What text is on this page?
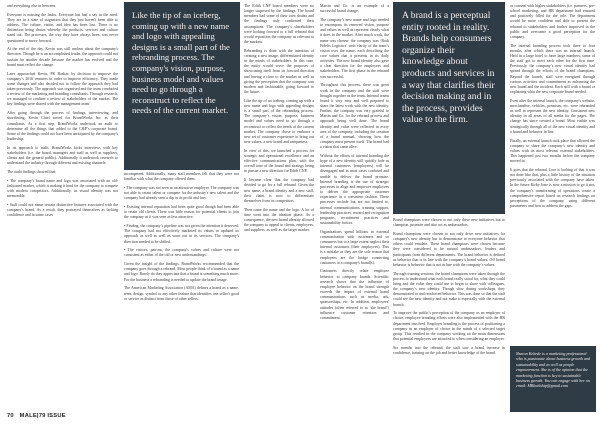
and everything else in between.

Everyone is missing the faults. Everyone has had a say in the need. They are in a state of stagnation that they just haven't been able to address. The culture, vision, and idea has been lost. There is no distinction being drawn whereby the products, services and culture stand out. The processes, the way they have always been, was never questioned to move forward.

At the end of the day, Kevin was still unclear about the company's direction. Though he is an accomplished leader, the approach could not sustain for another decade because the market has evolved and the brand must reflect the change.

Later approached Kevin, PK Bashar, by decision to improve the company’s 2016 ventures in order to improve efficiency. They made some changes and also decided not to follow the approach they had taken previously. The approach was organised and the team conducted a review of the marketing and branding consultants. Through research, we managed to confirm a review of stakeholders of the market. The key findings were shared with the management team.

After going through the process of findings, interviewing, and shortlisting, Kevin Chief sorted for BrandWorks Inc. as their consultants. As a first step, BrandWorks undertook an audit to determine all the things that added to the C&P’s corporate brand. Some of the findings could not have been anticipated by the company's leadership.

In its approach to audit, BrandWorks kicks interviews with key stakeholders (i.e. the board, managers and staff as well as suppliers, clients and the general public). Additionally it undertook research to understand the industry through different and existing channels.

The audit findings showed that:

• The company's brand name and logo was associated with an old-fashioned market, which is making it hard for the company to compete with modern competitors. Additionally, its visual identity was not memorable.

• Staff could not name certain distinctive features associated with the company's brand. As a result, they portrayed themselves as lacking confidence and in some cases

Like the tip of an iceberg, coming up with a new name and logo with appealing designs is a small part of the rebranding process. The company's vision, purpose, business model and values need to go through a reconstruct to reflect the needs of the current market.

incompetent. Additionally, many staff members felt that they were not familiar with what the company offered them.

• The company was not seen as an attractive employer. The company was not able to retain talent or compete for the industry's new talent and the company had already seen a dip in its profit and loss.

• Existing internal reputation had been quite good though had been able to retain old clients. There was little reason for potential clients to join the company as it was seen as less attractive.

• Finding, the company’s pipeline was not given the attention it deserved. The company had not effectively marketed its values or updated its approach as well as well as worn out in its services. The company's direction needed to be shifted.

• The visitors, patrons, the company's values and culture were not consistent as either of the old or new understandings.

Given the insight of the findings, BrandWorks recommended that the company goes through a rebrand. Most people think of a brand as a name and logo. Rarely do they appreciate that a brand is something much more. For the business a rebranding is needed to update the brand image.

The American Marketing Association (AMA) defines a brand as a name, term, design, symbol or any other feature that identifies one seller's good or service as distinct from those of other sellers.

The Edith CNP board members were no longer surprised by the findings. The board members had some of their own doubts and the findings only confirmed their assumptions. The company’s shareholders were looking forward to a full rebrand that would reposition the company as relevant to the markets.

Rebranding is done with the intention of creating a new image, differentiated identity in the minds of stakeholders. In this case, the entity would serve the purposes of showcasing itself from its forward direction and having a close to the market as well as giving the perception that the company was modern and fashionable, going forward to the future.

Like the tip of an iceberg, coming up with a new name and logo with appealing designs is a small part of the rebranding process. The company’s vision, purpose, business model and values need to go through a reconstruct to reflect the needs of the current market. The company chose to embrace a new set of customer experience to bring out new values, a new brand and uniqueness.

In view of this, we launched a process for strategic and operational excellence and an effective communications plan, with the overall tone of the brand and strategy being to pursue a new direction for Edith CNP.

It became clear that the company had decided to go for a full rebrand. Given the new name, a brand identity and a new staff, their claim is now to differentiate themselves from its competitors.

Then came the name and the logo. A lot of time went into the ideation phase. As a consequence, the new brand identity allowed the company to appeal to clients, employees, and suppliers, as well as the target market.

Martin and Co. is an example of a successful brand change.

The company’s new name and logo needed to encompass its renewed vision, purpose and values as well as represent clearly what it does in the market. After much work, the name was chosen: the company was ‘Rodi Fidelis Logistics’ with clarity of the team’s vision over the name, each describing the core values that it presents in its daily activities. The new brand identity also gave a clear direction for the employees and stakeholders. The first phase in the rebrand was successful.

Throughout this process, there was great work in the company and the staff were brought together as the team. Internal teams found it very easy and well prepared to share the latest work with the new identity. Further, the company was very grateful to Martin and Co. for the rebrand process and approach being well done. The brand identity and value were reflected in every area of the company, including the creation of a brand manual, showing how the company must present itself. The brand had a vision that came alive.

Without the efforts of internal branding the hype of a new identity will quickly fade as internal customers (employees) will be disengaged and in most cases confused and unable to deliver the brand promise. Internal branding is the use of strategic processes to align and empower employees to deliver the appropriate customer experience in a consistent fashion. These processes include but are not limited to, internal communications, training support, leadership practices, reward and recognition programs, recruitment practices and sustainability factors.

Organizations spend billions in external communication with customers and so consumers but to a large extent neglect their internal customers (their employees). This is a mistake as they are the sole reason that employees are the bridge connecting customers to a company's brand(s).

Customers directly relate employee behavior to company brands. Scientific research shows that the influence of employee behavior on the brand strength exceeds the impact of external brand communications such as media, ads, sponsorships, etc. In addition, employees' attitudes (often referred to as ‘the brand’) influence customer retention and commitment.

A brand is a perceptual entity rooted in reality. Brands help consumers organize their knowledge about products and services in a way that clarifies their decision making and in the process, provides value to the firm.

Brand champions were chosen to not only drive new initiatives but to champion, promote and also act as ambassadors.

Brand champions were chosen to not only drive new initiatives for company's new identity but to demonstrate to everyone behavior that others could emulate. These brand champions were chosen because they were considered to be natural ambassadors, leaders and participants from different departments. The brand behavior is defined as behavior that is in line with the company’s brand values. Off brand behavior is behavior that is not in line with the company’s values.

Through training sessions, the brand champions were taken through the process to understand what each brand really stood for, what they could bring and the value they could use to begin to share with colleagues, the company’s new identity. Though slow during workshops, they demonstrated to and reinforced behavior. This was done so that the staff could see the new identity and not make it especially with the external branch.

To improve the public’s perception of the company as an employer of choice, employee branding efforts were also implemented with the HR department involved. Employer branding is the process of positioning a company as an employer of choice in the minds of a selected target group. This resulted in the company working on the main dimensions that potential employees are attracted to when considering an employer.

Six months into the rebrand, the staff saw a brand increase in confidence, training on the job and better knowledge of the brand.

or consent with higher stakeholders (i.e. partners, pre-school marketing, and HR department had ensured and positively filled for the role. The department would be more confident and able to present the rebrand to stakeholders and further improved in the public and overcame a good perception for the company.

The internal branding process took three to four months, after which there was an internal launch. Held in a large hotel to have large numbers, some of the staff got to meet each other for the first time. Previously, the company’s new visual identity had spread through the efforts of the brand champions. Beyond the launch, staff were energized through various activities and commitment as enhancing the new brand and the incident. Each still with a brand or explaining what the new corporate brand needed.

Even after the internal launch, the company's website, merchandise, vehicles, premises, etc. were rebranded as well to represent the new identity. Consistent new identity in all areas of all media for the pages. The change has since created a brand. Most visible was strategically through all of the new visual identity and a brand and behavior in line.

Finally, an external launch took place that allowed the company to share the company’s new identity and values with its most relevant external stakeholders. This happened just two months before the company moved in.

It goes that the rebrand, Lore is looking of that it was not done like that, plus a little history of the situation previously associated with the company have taken. In the future Kirby Jone is now a mission to go it not, the company's transforming of operations create a comprehensive report based on research findings on perceptions of the company, using different parameters and how to address the gaps.

Sharon Kebede is a marketing professional who is passionate about business growth and sustainability and as well as people empowerment. She is of the opinion that the marketing function is key to sustainable business growth. You can engage with her on email: MBlackship@gmail.com
70 MALE|79 ISSUE
